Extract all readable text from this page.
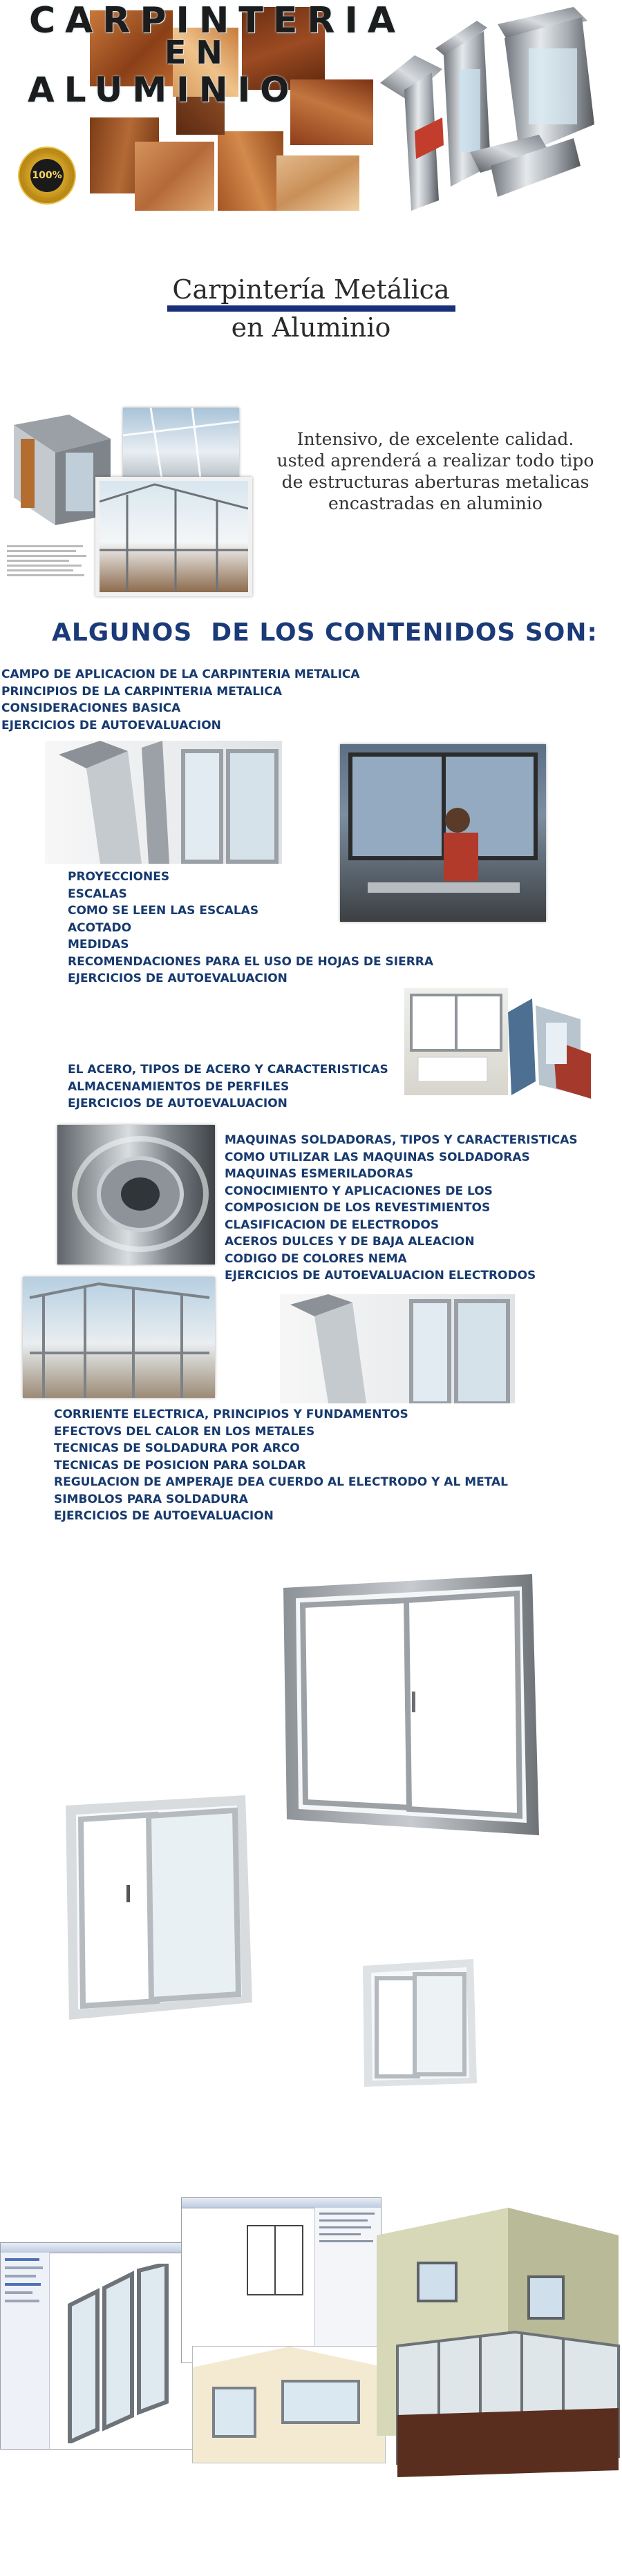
CARPINTERIA
EN
ALUMINIO
100%
Carpintería Metálica
en Aluminio
Intensivo, de excelente calidad.
usted aprenderá a realizar todo tipo
de estructuras aberturas metalicas
encastradas en aluminio
ALGUNOS  DE LOS CONTENIDOS SON:
CAMPO DE APLICACION DE LA CARPINTERIA METALICA
PRINCIPIOS DE LA CARPINTERIA METALICA
CONSIDERACIONES BASICA
EJERCICIOS DE AUTOEVALUACION
PROYECCIONES
ESCALAS
COMO SE LEEN LAS ESCALAS
ACOTADO
MEDIDAS
RECOMENDACIONES PARA EL USO DE HOJAS DE SIERRA
EJERCICIOS DE AUTOEVALUACION
EL ACERO, TIPOS DE ACERO Y CARACTERISTICAS
ALMACENAMIENTOS DE PERFILES
EJERCICIOS DE AUTOEVALUACION
MAQUINAS SOLDADORAS, TIPOS Y CARACTERISTICAS
COMO UTILIZAR LAS MAQUINAS SOLDADORAS
MAQUINAS ESMERILADORAS
CONOCIMIENTO Y APLICACIONES DE LOS
COMPOSICION DE LOS REVESTIMIENTOS
CLASIFICACION DE ELECTRODOS
ACEROS DULCES Y DE BAJA ALEACION
CODIGO DE COLORES NEMA
EJERCICIOS DE AUTOEVALUACION ELECTRODOS
CORRIENTE ELECTRICA, PRINCIPIOS Y FUNDAMENTOS
EFECTOVS DEL CALOR EN LOS METALES
TECNICAS DE SOLDADURA POR ARCO
TECNICAS DE POSICION PARA SOLDAR
REGULACION DE AMPERAJE DEA CUERDO AL ELECTRODO Y AL METAL
SIMBOLOS PARA SOLDADURA
EJERCICIOS DE AUTOEVALUACION
